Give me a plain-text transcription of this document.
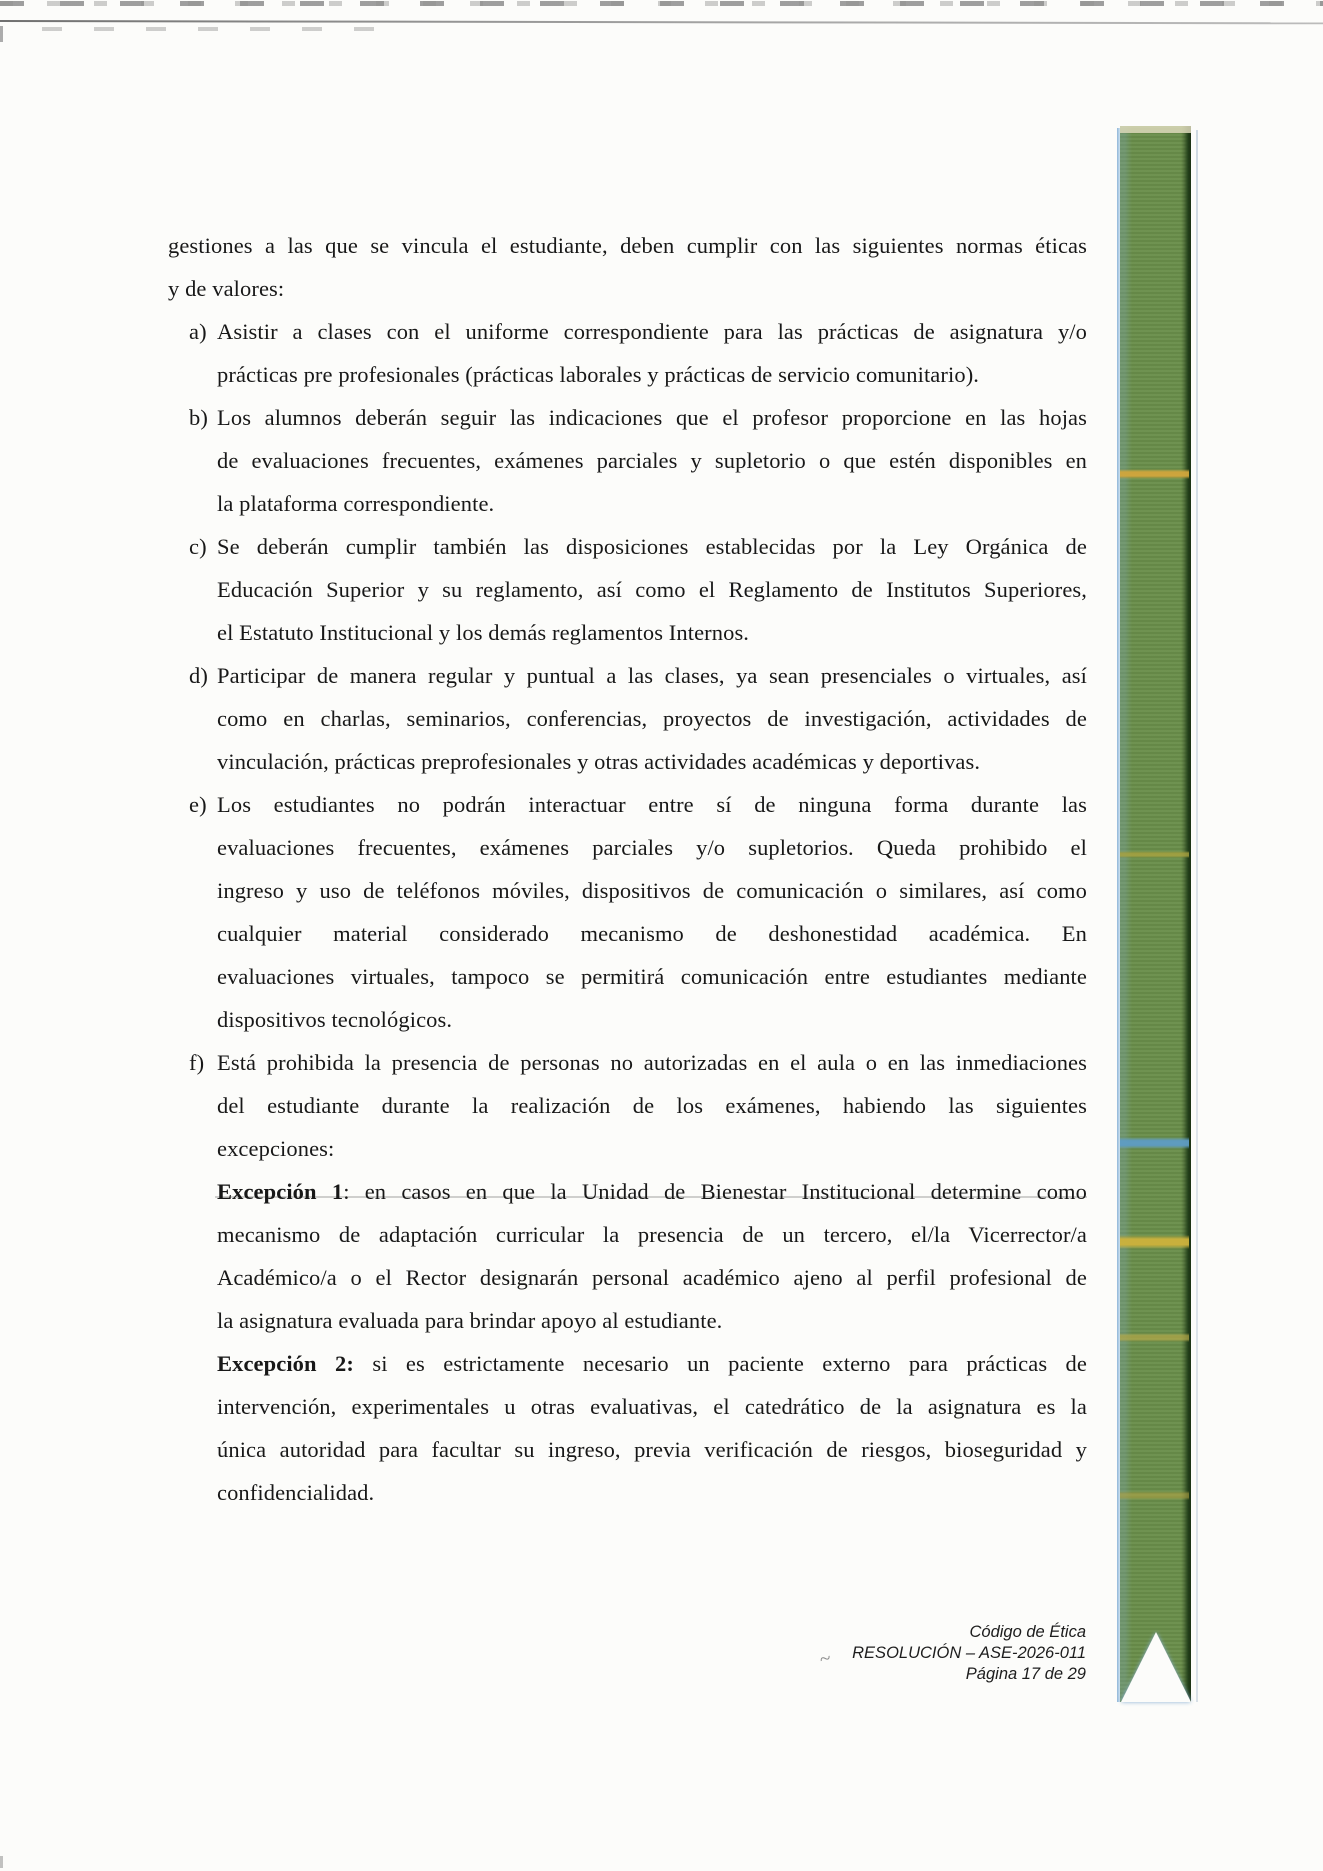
gestiones a las que se vincula el estudiante, deben cumplir con las siguientes normas éticas
y de valores:
a) Asistir a clases con el uniforme correspondiente para las prácticas de asignatura y/o
prácticas pre profesionales (prácticas laborales y prácticas de servicio comunitario).
b) Los alumnos deberán seguir las indicaciones que el profesor proporcione en las hojas
de evaluaciones frecuentes, exámenes parciales y supletorio o que estén disponibles en
la plataforma correspondiente.
c) Se deberán cumplir también las disposiciones establecidas por la Ley Orgánica de
Educación Superior y su reglamento, así como el Reglamento de Institutos Superiores,
el Estatuto Institucional y los demás reglamentos Internos.
d) Participar de manera regular y puntual a las clases, ya sean presenciales o virtuales, así
como en charlas, seminarios, conferencias, proyectos de investigación, actividades de
vinculación, prácticas preprofesionales y otras actividades académicas y deportivas.
e) Los estudiantes no podrán interactuar entre sí de ninguna forma durante las
evaluaciones frecuentes, exámenes parciales y/o supletorios. Queda prohibido el
ingreso y uso de teléfonos móviles, dispositivos de comunicación o similares, así como
cualquier material considerado mecanismo de deshonestidad académica. En
evaluaciones virtuales, tampoco se permitirá comunicación entre estudiantes mediante
dispositivos tecnológicos.
f) Está prohibida la presencia de personas no autorizadas en el aula o en las inmediaciones
del estudiante durante la realización de los exámenes, habiendo las siguientes
excepciones:
Excepción 1: en casos en que la Unidad de Bienestar Institucional determine como
mecanismo de adaptación curricular la presencia de un tercero, el/la Vicerrector/a
Académico/a o el Rector designarán personal académico ajeno al perfil profesional de
la asignatura evaluada para brindar apoyo al estudiante.
Excepción 2: si es estrictamente necesario un paciente externo para prácticas de
intervención, experimentales u otras evaluativas, el catedrático de la asignatura es la
única autoridad para facultar su ingreso, previa verificación de riesgos, bioseguridad y
confidencialidad.
~
Código de Ética
RESOLUCIÓN – ASE-2026-011
Página 17 de 29
